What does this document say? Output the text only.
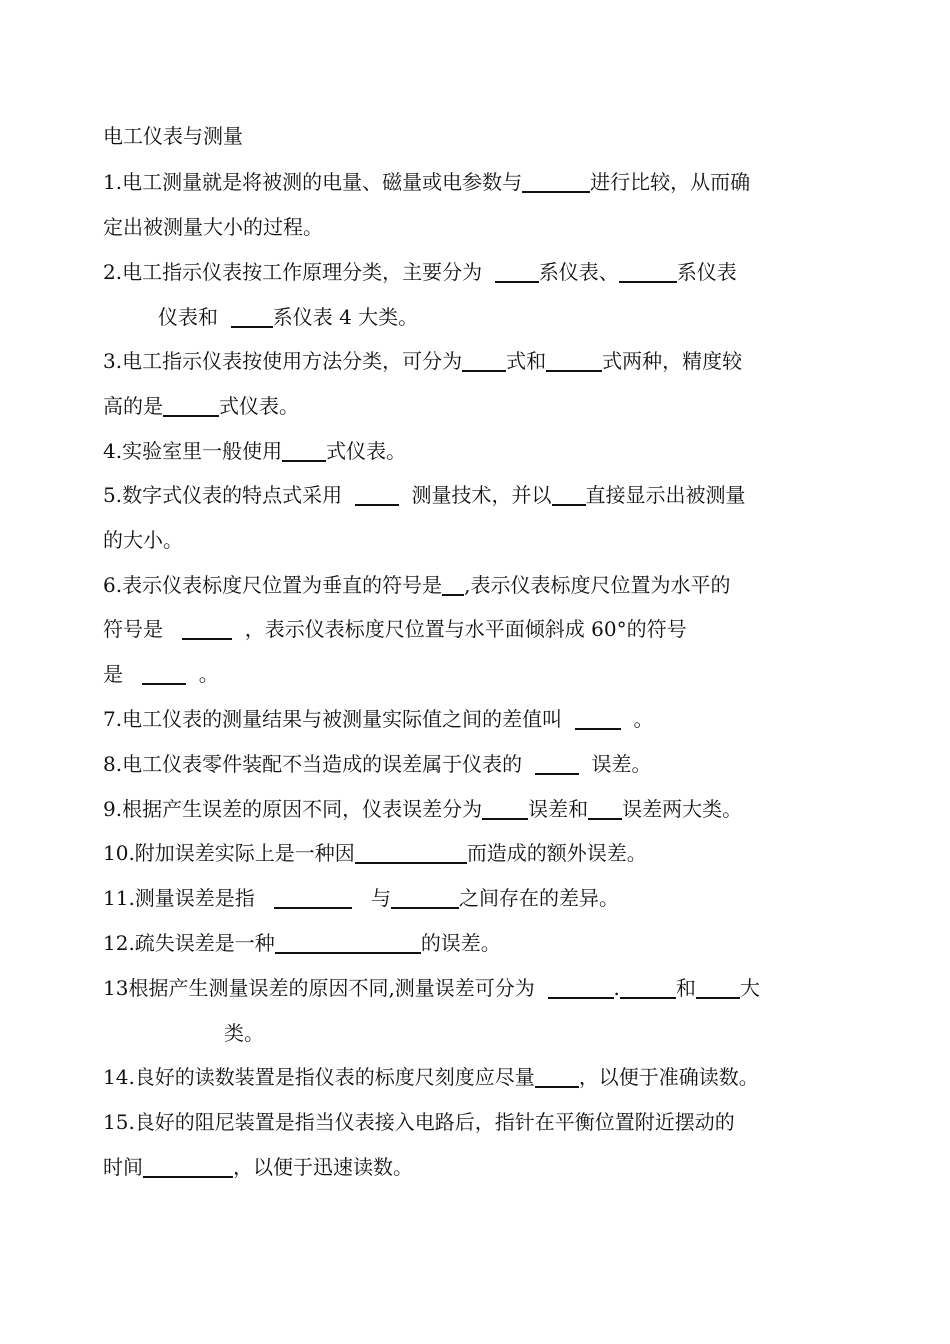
电工仪表与测量
1.电工测量就是将被测的电量、磁量或电参数与	进行比较，从而确
定出被测量大小的过程。
2.电工指示仪表按工作原理分类，主要分为	系仪表、	系仪表
仪表和	系仪表 4 大类。
3.电工指示仪表按使用方法分类，可分为 式和	式两种，精度较
高的是	式仪表。
4.实验室里一般使用 式仪表。
5.数字式仪表的特点式采用	测量技术，并以 直接显示出被测量
的大小。
6.表示仪表标度尺位置为垂直的符号是 ,表示仪表标度尺位置为水平的
符号是	，表示仪表标度尺位置与水平面倾斜成 60°的符号
是	。
7.电工仪表的测量结果与被测量实际值之间的差值叫	。
8.电工仪表零件装配不当造成的误差属于仪表的	误差。
9.根据产生误差的原因不同，仪表误差分为 误差和 误差两大类。
10.附加误差实际上是一种因	而造成的额外误差。
11.测量误差是指	与	之间存在的差异。
12.疏失误差是一种	的误差。
13根据产生测量误差的原因不同,测量误差可分为	.	和 大
类。
14.良好的读数装置是指仪表的标度尺刻度应尽量 ，以便于准确读数。
15.良好的阻尼装置是指当仪表接入电路后，指针在平衡位置附近摆动的
时间	，以便于迅速读数。
